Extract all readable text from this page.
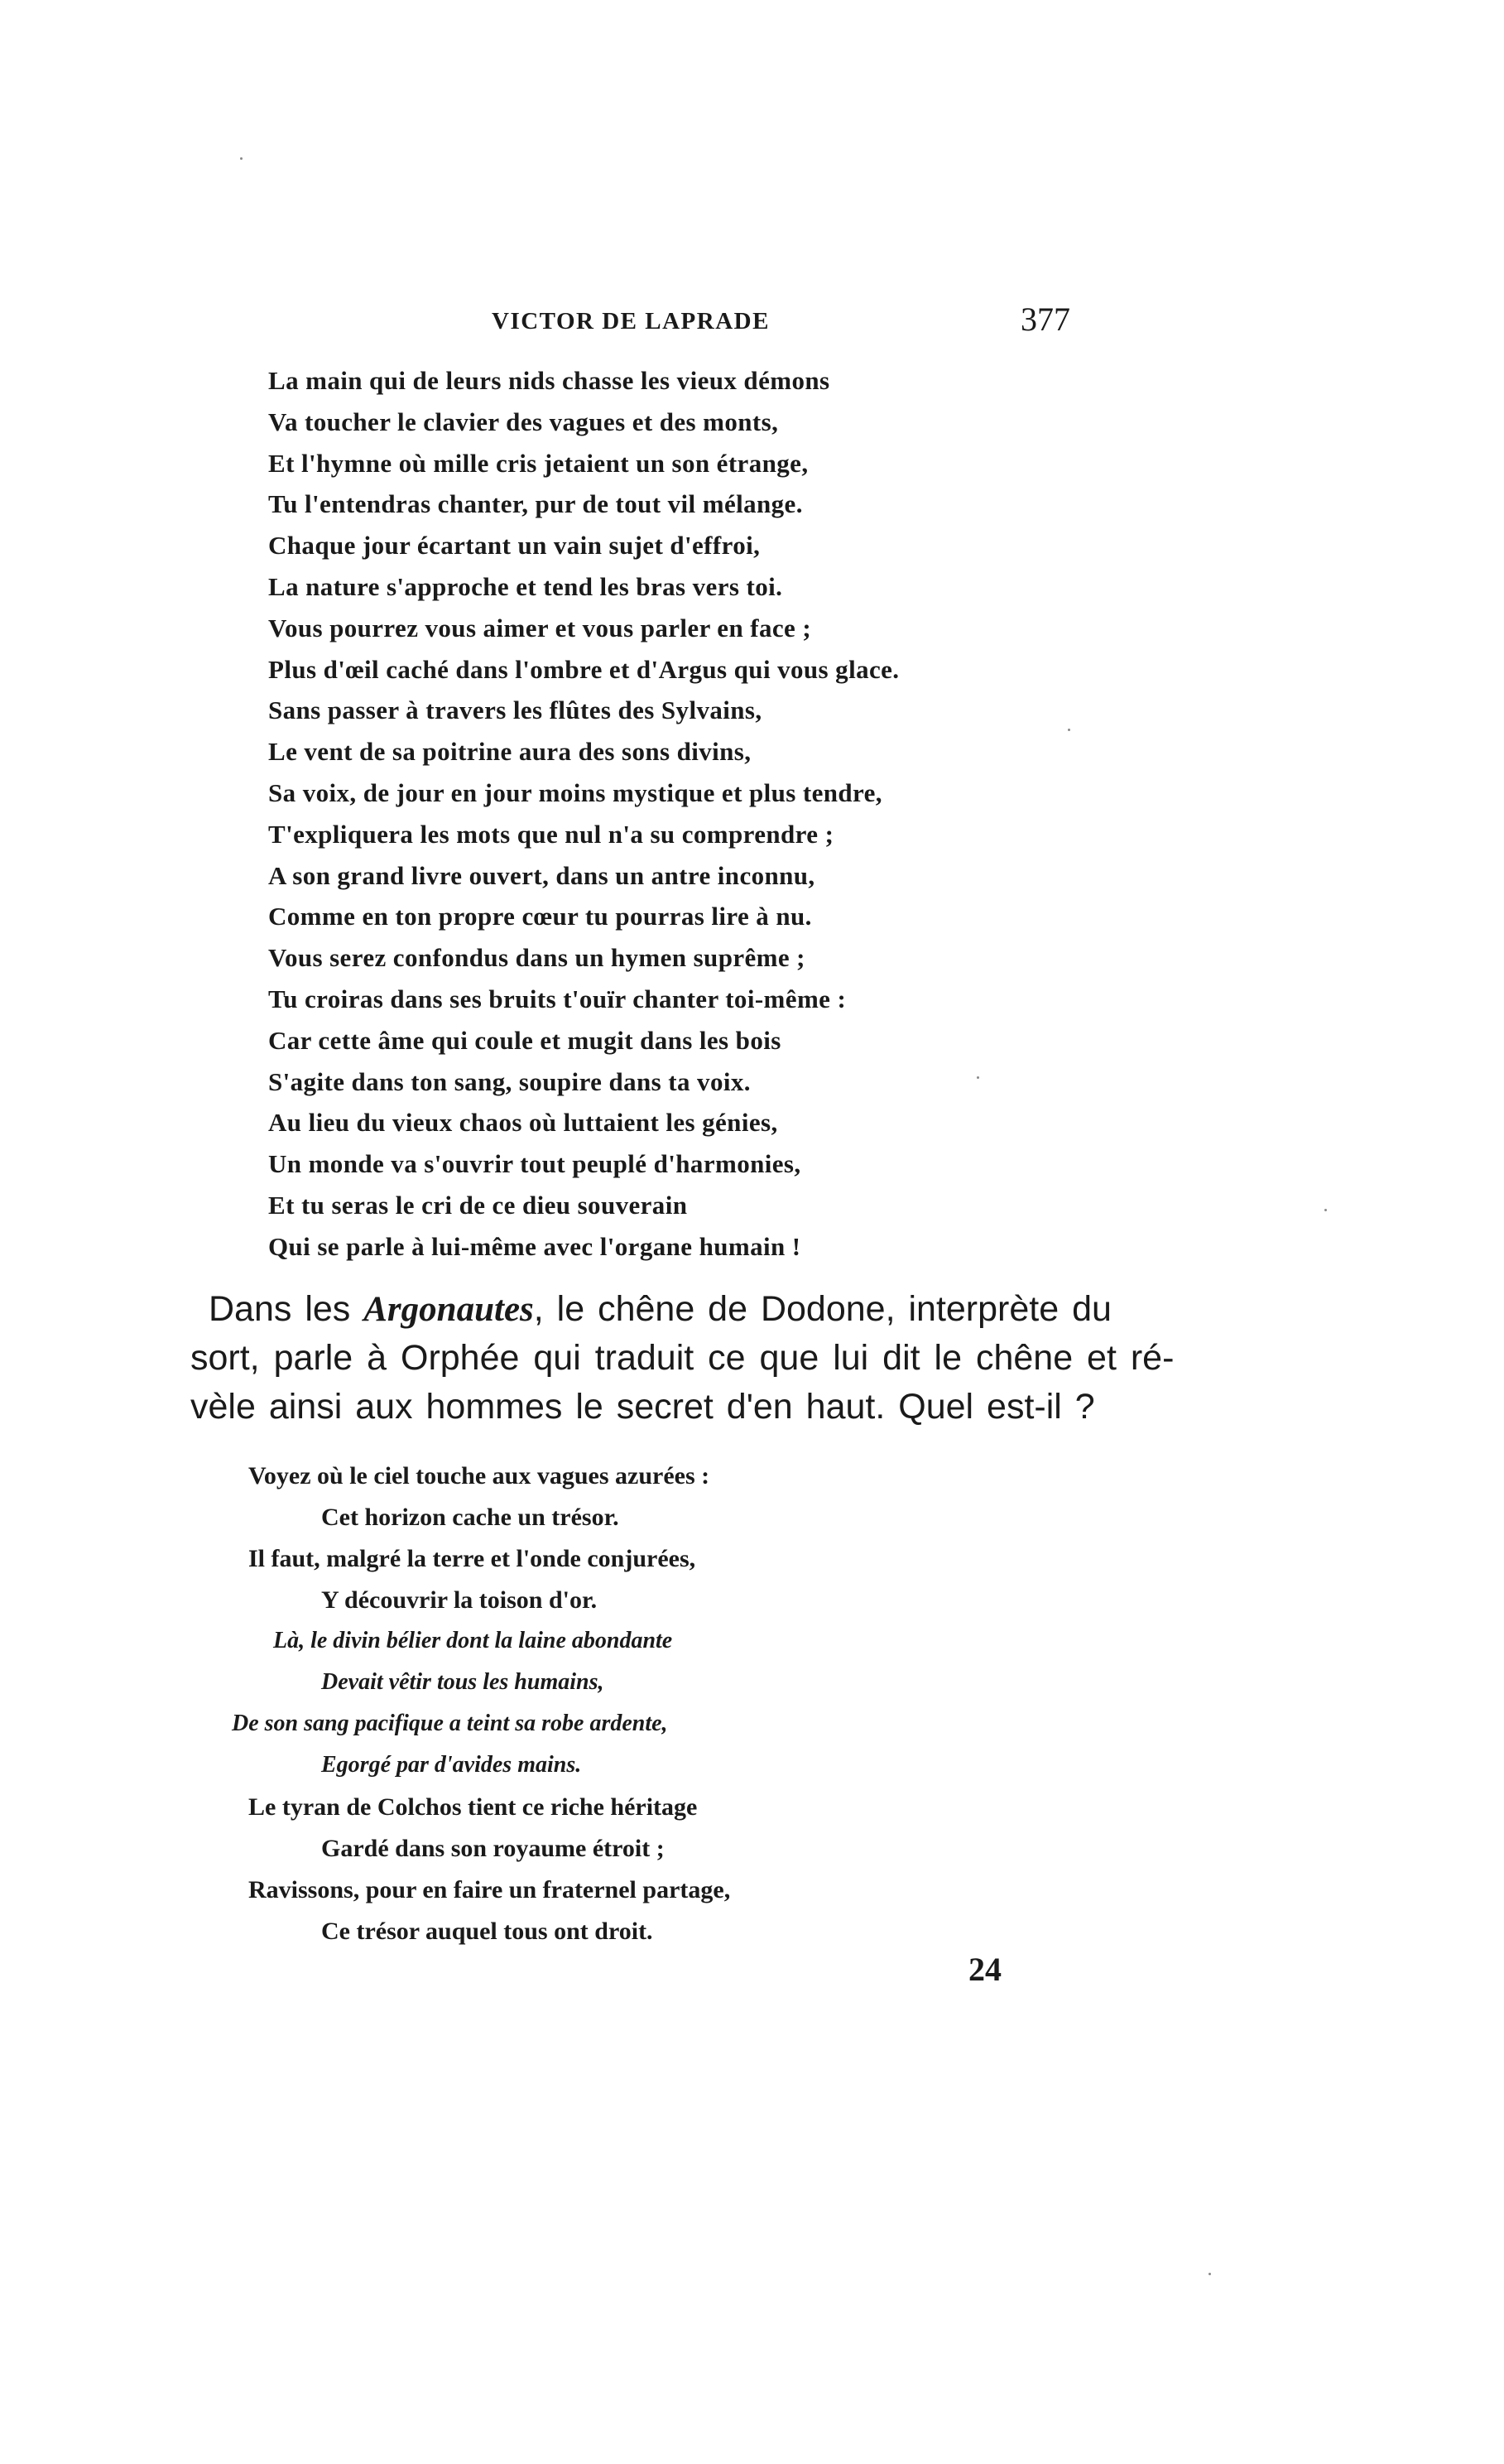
VICTOR DE LAPRADE	377
La main qui de leurs nids chasse les vieux démons
Va toucher le clavier des vagues et des monts,
Et l'hymne où mille cris jetaient un son étrange,
Tu l'entendras chanter, pur de tout vil mélange.
Chaque jour écartant un vain sujet d'effroi,
La nature s'approche et tend les bras vers toi.
Vous pourrez vous aimer et vous parler en face ;
Plus d'œil caché dans l'ombre et d'Argus qui vous glace.
Sans passer à travers les flûtes des Sylvains,
Le vent de sa poitrine aura des sons divins,
Sa voix, de jour en jour moins mystique et plus tendre,
T'expliquera les mots que nul n'a su comprendre ;
A son grand livre ouvert, dans un antre inconnu,
Comme en ton propre cœur tu pourras lire à nu.
Vous serez confondus dans un hymen suprême ;
Tu croiras dans ses bruits t'ouïr chanter toi-même :
Car cette âme qui coule et mugit dans les bois
S'agite dans ton sang, soupire dans ta voix.
Au lieu du vieux chaos où luttaient les génies,
Un monde va s'ouvrir tout peuplé d'harmonies,
Et tu seras le cri de ce dieu souverain
Qui se parle à lui-même avec l'organe humain !

Dans les Argonautes, le chêne de Dodone, interprète du

sort, parle à Orphée qui traduit ce que lui dit le chêne et ré-

vèle ainsi aux hommes le secret d'en haut. Quel est-il ?

Voyez où le ciel touche aux vagues azurées :
Cet horizon cache un trésor.
Il faut, malgré la terre et l'onde conjurées,
Y découvrir la toison d'or.
Là, le divin bélier dont la laine abondante
Devait vêtir tous les humains,
De son sang pacifique a teint sa robe ardente,
Egorgé par d'avides mains.
Le tyran de Colchos tient ce riche héritage
Gardé dans son royaume étroit ;
Ravissons, pour en faire un fraternel partage,
Ce trésor auquel tous ont droit.
24
